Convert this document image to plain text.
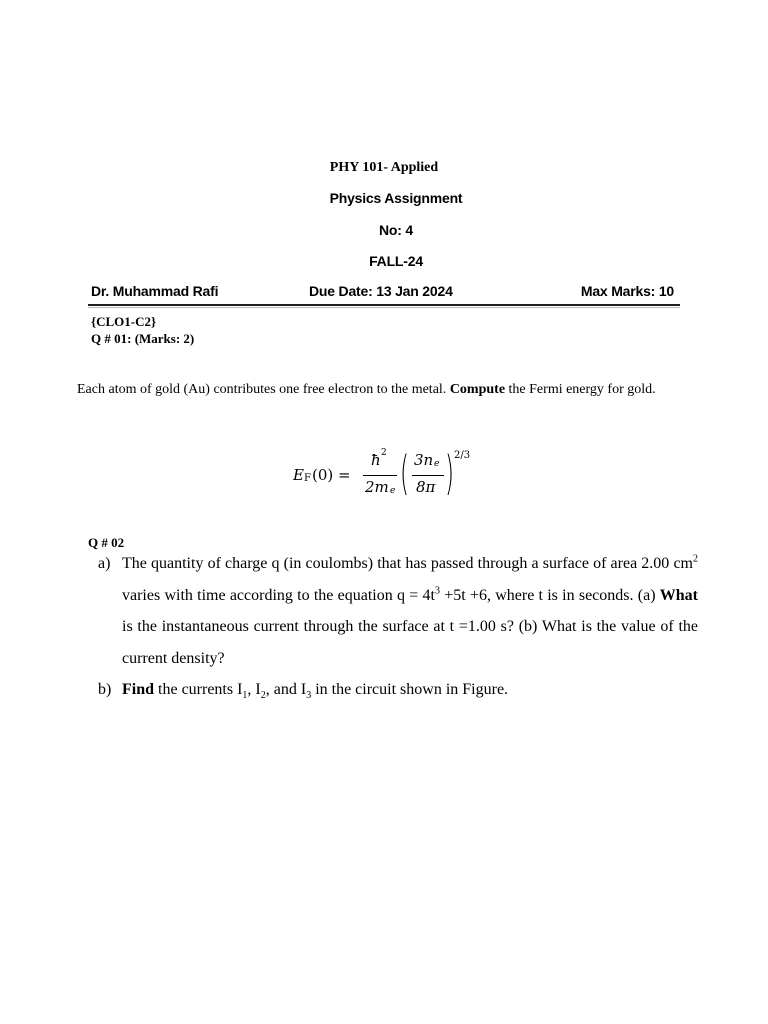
PHY 101- Applied
Physics Assignment
No: 4
FALL-24
Dr. Muhammad Rafi	Due Date: 13 Jan 2024	Max Marks: 10
{CLO1-C2}
Q # 01: (Marks: 2)
Each atom of gold (Au) contributes one free electron to the metal. Compute the Fermi energy for gold.
E F (0) =
ħ 2
2m e ( 3n e
8π ) 2/3
Q # 02
a) The quantity of charge q (in coulombs) that has passed through a surface of area 2.00 $cm^2$ varies with time according to the equation $q = 4t^3 +5t +6$, where t is in seconds. (a) What is the instantaneous current through the surface at t =1.00 s? (b) What is the value of the current density?
b) Find the currents $I_1$, $I_2$, and $I_3$ in the circuit shown in Figure.
